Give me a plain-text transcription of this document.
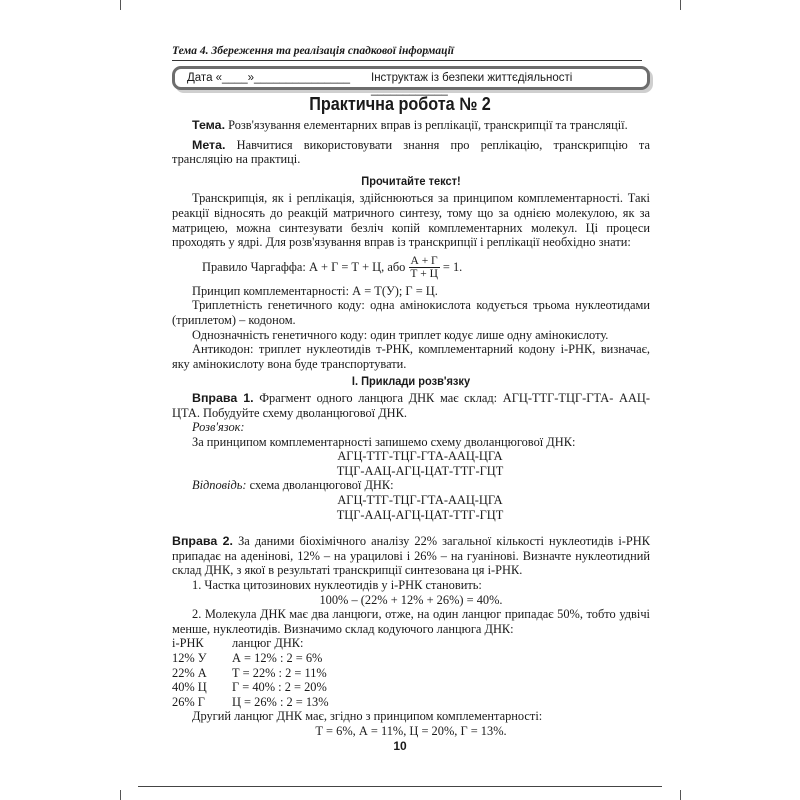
Тема 4. Збереження та реалізація спадкової інформації
Дата «____»_______________ Інструктаж із безпеки життєдіяльності ____________
Практична робота № 2

Тема. Розв'язування елементарних вправ із реплікації, транскрипції та трансляції.

Мета. Навчитися використовувати знання про реплікацію, транскрипцію та трансляцію на практиці.

Прочитайте текст!

Транскрипція, як і реплікація, здійснюються за принципом комплементарності. Такі реакції відносять до реакцій матричного синтезу, тому що за однією молекулою, як за матрицею, можна синтезувати безліч копій комплементарних молекул. Ці процеси проходять у ядрі. Для розв'язування вправ із транскрипції і реплікації необхідно знати:

Правило Чаргаффа: А + Г = Т + Ц, або $\frac{А + Г}{Т + Ц} = 1$.

Принцип комплементарності: А = Т(У); Г = Ц.

Триплетність генетичного коду: одна амінокислота кодується трьома нуклеотидами (триплетом) – кодоном.

Однозначність генетичного коду: один триплет кодує лише одну амінокислоту.

Антикодон: триплет нуклеотидів т-РНК, комплементарний кодону і-РНК, визначає, яку амінокислоту вона буде транспортувати.

І. Приклади розв'язку

Вправа 1. Фрагмент одного ланцюга ДНК має склад: АГЦ-ТТГ-ТЦГ-ГТА- ААЦ-ЦТА. Побудуйте схему дволанцюгової ДНК.

Розв'язок:

За принципом комплементарності запишемо схему дволанцюгової ДНК:

АГЦ-ТТГ-ТЦГ-ГТА-ААЦ-ЦГА

ТЦГ-ААЦ-АГЦ-ЦАТ-ТТГ-ГЦТ

Відповідь: схема дволанцюгової ДНК:

АГЦ-ТТГ-ТЦГ-ГТА-ААЦ-ЦГА

ТЦГ-ААЦ-АГЦ-ЦАТ-ТТГ-ГЦТ

Вправа 2. За даними біохімічного аналізу 22% загальної кількості нуклеотидів і-РНК припадає на аденінові, 12% – на урацилові і 26% – на гуанінові. Визначте нуклеотидний склад ДНК, з якої в результаті транскрипції синтезована ця і-РНК.

1. Частка цитозинових нуклеотидів у і-РНК становить:

100% – (22% + 12% + 26%) = 40%.

2. Молекула ДНК має два ланцюги, отже, на один ланцюг припадає 50%, тобто удвічі менше, нуклеотидів. Визначимо склад кодуючого ланцюга ДНК:

і-РНК	ланцюг ДНК:
12% У	А = 12% : 2 = 6%
22% А	Т = 22% : 2 = 11%
40% Ц	Г = 40% : 2 = 20%
26% Г	Ц = 26% : 2 = 13%

Другий ланцюг ДНК має, згідно з принципом комплементарності:

Т = 6%, А = 11%, Ц = 20%, Г = 13%.

10
